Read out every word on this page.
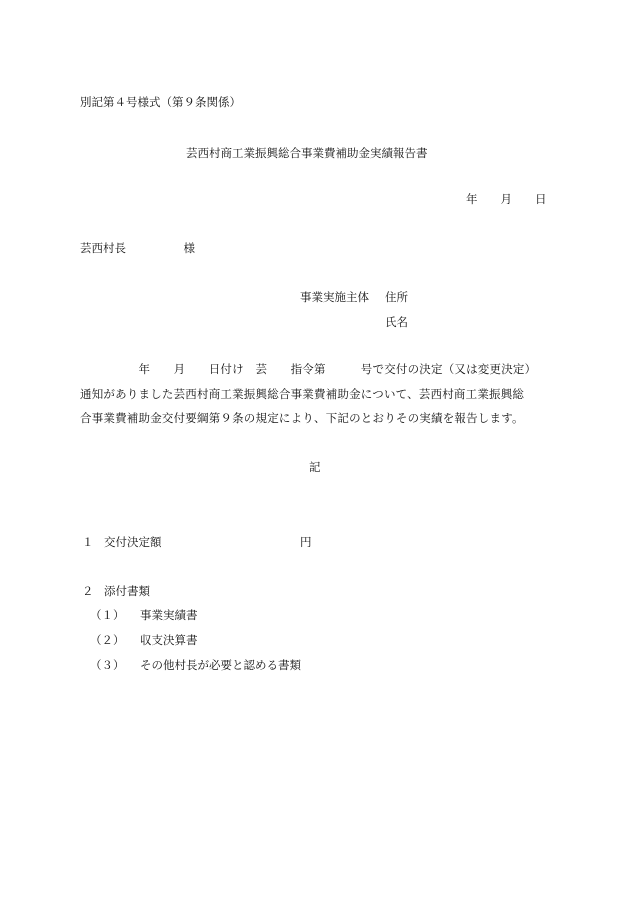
別記第４号様式（第９条関係）
芸西村商工業振興総合事業費補助金実績報告書
年　　月　　日
芸西村長　　　　　様
事業実施主体 住所
氏名
　　　　　年　　月　　日付け　芸　　指令第　　　号で交付の決定（又は変更決定）
通知がありました芸西村商工業振興総合事業費補助金について、芸西村商工業振興総
合事業費補助金交付要綱第９条の規定により、下記のとおりその実績を報告します。
記
１ 交付決定額	円
２ 添付書類
（１） 事業実績書
（２） 収支決算書
（３） その他村長が必要と認める書類
